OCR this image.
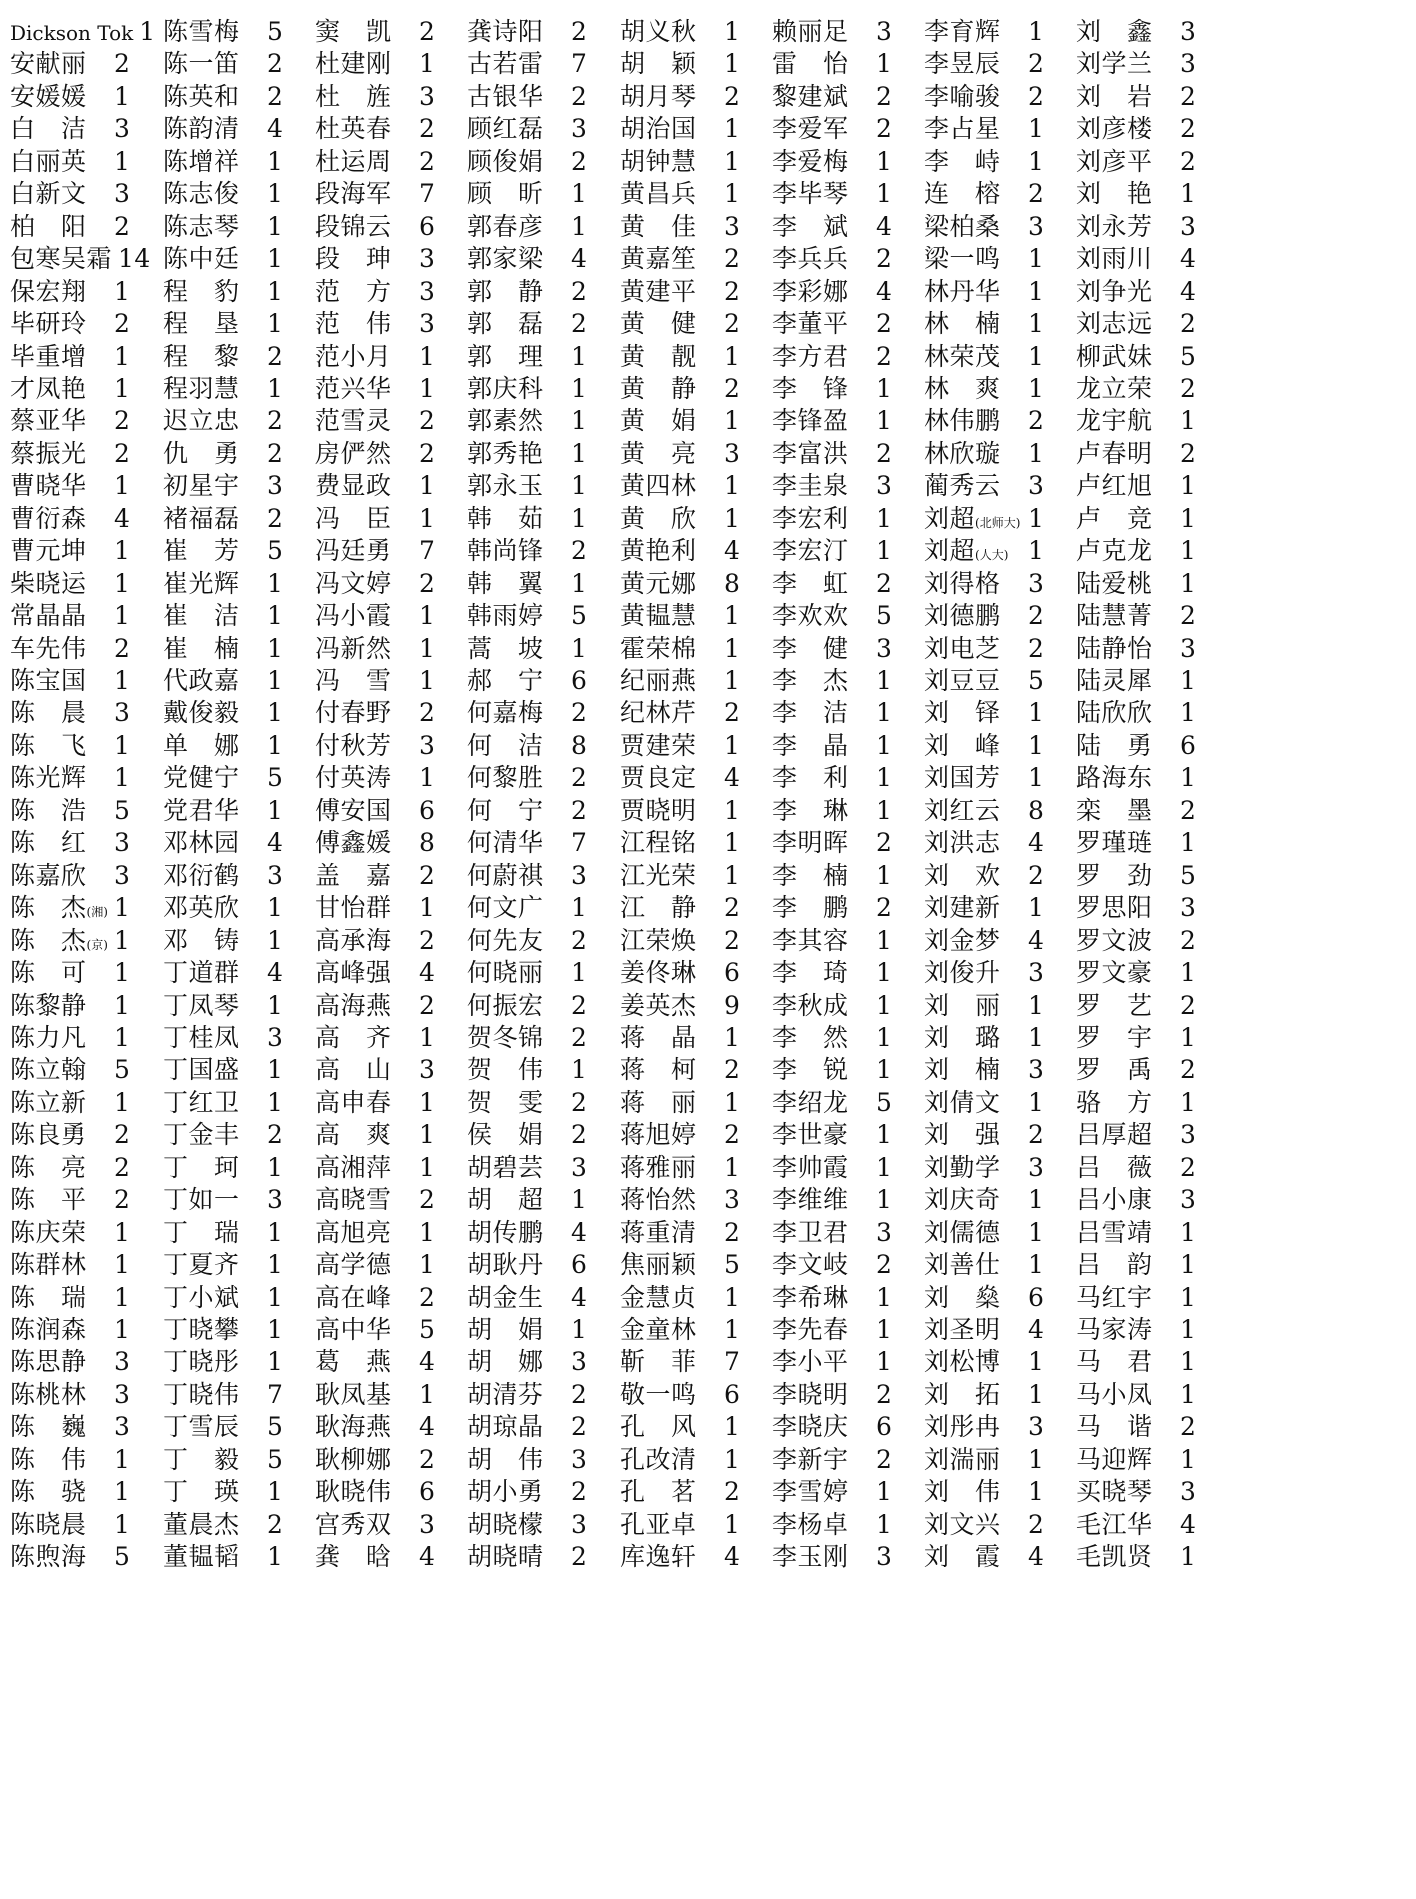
Dickson Tok 1
安献丽 2
安媛媛 1
白　洁 3
白丽英 1
白新文 3
柏　阳 2
包寒吴霜 14
保宏翔 1
毕研玲 2
毕重增 1
才凤艳 1
蔡亚华 2
蔡振光 2
曹晓华 1
曹衍森 4
曹元坤 1
柴晓运 1
常晶晶 1
车先伟 2
陈宝国 1
陈　晨 3
陈　飞 1
陈光辉 1
陈　浩 5
陈　红 3
陈嘉欣 3
陈　杰(湘) 1
陈　杰(京) 1
陈　可 1
陈黎静 1
陈力凡 1
陈立翰 5
陈立新 1
陈良勇 2
陈　亮 2
陈　平 2
陈庆荣 1
陈群林 1
陈　瑞 1
陈润森 1
陈思静 3
陈桃林 3
陈　巍 3
陈　伟 1
陈　骁 1
陈晓晨 1
陈煦海 5
陈雪梅 5
陈一笛 2
陈英和 2
陈韵清 4
陈增祥 1
陈志俊 1
陈志琴 1
陈中廷 1
程　豹 1
程　垦 1
程　黎 2
程羽慧 1
迟立忠 2
仇　勇 2
初星宇 3
褚福磊 2
崔　芳 5
崔光辉 1
崔　洁 1
崔　楠 1
代政嘉 1
戴俊毅 1
单　娜 1
党健宁 5
党君华 1
邓林园 4
邓衍鹤 3
邓英欣 1
邓　铸 1
丁道群 4
丁凤琴 1
丁桂凤 3
丁国盛 1
丁红卫 1
丁金丰 2
丁　珂 1
丁如一 3
丁　瑞 1
丁夏齐 1
丁小斌 1
丁晓攀 1
丁晓彤 1
丁晓伟 7
丁雪辰 5
丁　毅 5
丁　瑛 1
董晨杰 2
董韫韬 1
窦　凯 2
杜建刚 1
杜　旌 3
杜英春 2
杜运周 2
段海军 7
段锦云 6
段　珅 3
范　方 3
范　伟 3
范小月 1
范兴华 1
范雪灵 2
房俨然 2
费显政 1
冯　臣 1
冯廷勇 7
冯文婷 2
冯小霞 1
冯新然 1
冯　雪 1
付春野 2
付秋芳 3
付英涛 1
傅安国 6
傅鑫媛 8
盖　嘉 2
甘怡群 1
高承海 2
高峰强 4
高海燕 2
高　齐 1
高　山 3
高申春 1
高　爽 1
高湘萍 1
高晓雪 2
高旭亮 1
高学德 1
高在峰 2
高中华 5
葛　燕 4
耿凤基 1
耿海燕 4
耿柳娜 2
耿晓伟 6
宫秀双 3
龚　晗 4
龚诗阳 2
古若雷 7
古银华 2
顾红磊 3
顾俊娟 2
顾　昕 1
郭春彦 1
郭家梁 4
郭　静 2
郭　磊 2
郭　理 1
郭庆科 1
郭素然 1
郭秀艳 1
郭永玉 1
韩　茹 1
韩尚锋 2
韩　翼 1
韩雨婷 5
蒿　坡 1
郝　宁 6
何嘉梅 2
何　洁 8
何黎胜 2
何　宁 2
何清华 7
何蔚祺 3
何文广 1
何先友 2
何晓丽 1
何振宏 2
贺冬锦 2
贺　伟 1
贺　雯 2
侯　娟 2
胡碧芸 3
胡　超 1
胡传鹏 4
胡耿丹 6
胡金生 4
胡　娟 1
胡　娜 3
胡清芬 2
胡琼晶 2
胡　伟 3
胡小勇 2
胡晓檬 3
胡晓晴 2
胡义秋 1
胡　颖 1
胡月琴 2
胡治国 1
胡钟慧 1
黄昌兵 1
黄　佳 3
黄嘉笙 2
黄建平 2
黄　健 2
黄　靓 1
黄　静 2
黄　娟 1
黄　亮 3
黄四林 1
黄　欣 1
黄艳利 4
黄元娜 8
黄韫慧 1
霍荣棉 1
纪丽燕 1
纪林芹 2
贾建荣 1
贾良定 4
贾晓明 1
江程铭 1
江光荣 1
江　静 2
江荣焕 2
姜佟琳 6
姜英杰 9
蒋　晶 1
蒋　柯 2
蒋　丽 1
蒋旭婷 2
蒋雅丽 1
蒋怡然 3
蒋重清 2
焦丽颖 5
金慧贞 1
金童林 1
靳　菲 7
敬一鸣 6
孔　风 1
孔改清 1
孔　茗 2
孔亚卓 1
库逸轩 4
赖丽足 3
雷　怡 1
黎建斌 2
李爱军 2
李爱梅 1
李毕琴 1
李　斌 4
李兵兵 2
李彩娜 4
李董平 2
李方君 2
李　锋 1
李锋盈 1
李富洪 2
李圭泉 3
李宏利 1
李宏汀 1
李　虹 2
李欢欢 5
李　健 3
李　杰 1
李　洁 1
李　晶 1
李　利 1
李　琳 1
李明晖 2
李　楠 1
李　鹏 2
李其容 1
李　琦 1
李秋成 1
李　然 1
李　锐 1
李绍龙 5
李世豪 1
李帅霞 1
李维维 1
李卫君 3
李文岐 2
李希琳 1
李先春 1
李小平 1
李晓明 2
李晓庆 6
李新宇 2
李雪婷 1
李杨卓 1
李玉刚 3
李育辉 1
李昱辰 2
李喻骏 2
李占星 1
李　峙 1
连　榕 2
梁柏桑 3
梁一鸣 1
林丹华 1
林　楠 1
林荣茂 1
林　爽 1
林伟鹏 2
林欣璇 1
蔺秀云 3
刘超(北师大) 1
刘超(人大) 1
刘得格 3
刘德鹏 2
刘电芝 2
刘豆豆 5
刘　铎 1
刘　峰 1
刘国芳 1
刘红云 8
刘洪志 4
刘　欢 2
刘建新 1
刘金梦 4
刘俊升 3
刘　丽 1
刘　璐 1
刘　楠 3
刘倩文 1
刘　强 2
刘勤学 3
刘庆奇 1
刘儒德 1
刘善仕 1
刘　燊 6
刘圣明 4
刘松博 1
刘　拓 1
刘彤冉 3
刘湍丽 1
刘　伟 1
刘文兴 2
刘　霞 4
刘　鑫 3
刘学兰 3
刘　岩 2
刘彦楼 2
刘彦平 2
刘　艳 1
刘永芳 3
刘雨川 4
刘争光 4
刘志远 2
柳武妹 5
龙立荣 2
龙宇航 1
卢春明 2
卢红旭 1
卢　竞 1
卢克龙 1
陆爱桃 1
陆慧菁 2
陆静怡 3
陆灵犀 1
陆欣欣 1
陆　勇 6
路海东 1
栾　墨 2
罗瑾琏 1
罗　劲 5
罗思阳 3
罗文波 2
罗文豪 1
罗　艺 2
罗　宇 1
罗　禹 2
骆　方 1
吕厚超 3
吕　薇 2
吕小康 3
吕雪靖 1
吕　韵 1
马红宇 1
马家涛 1
马　君 1
马小凤 1
马　谐 2
马迎辉 1
买晓琴 3
毛江华 4
毛凯贤 1
